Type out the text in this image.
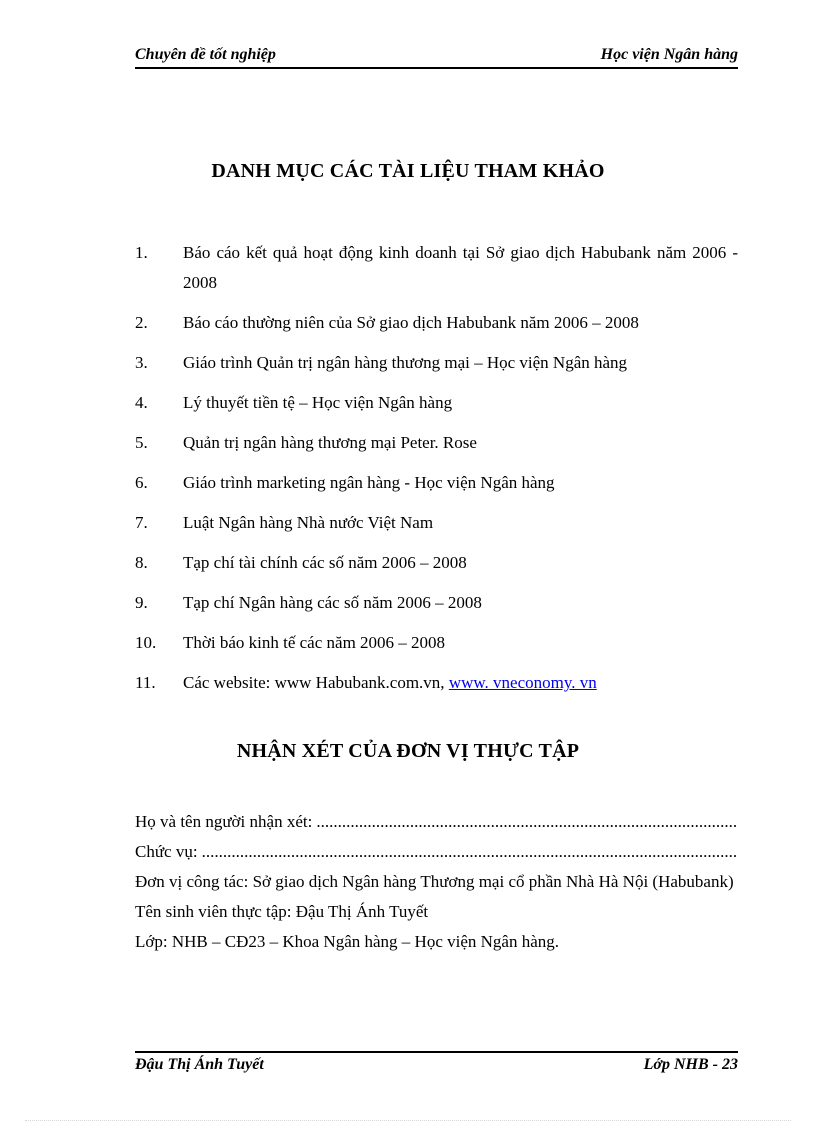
Chuyên đề tốt nghiệp	Học viện Ngân hàng
DANH MỤC CÁC TÀI LIỆU THAM KHẢO
1.	Báo cáo kết quả hoạt động kinh doanh tại Sở giao dịch Habubank năm 2006 - 2008
2.	Báo cáo thường niên của Sở giao dịch Habubank năm 2006 – 2008
3.	Giáo trình Quản trị ngân hàng thương mại – Học viện Ngân hàng
4.	Lý thuyết tiền tệ – Học viện Ngân hàng
5.	Quản trị ngân hàng thương mại Peter. Rose
6.	Giáo trình marketing ngân hàng - Học viện Ngân hàng
7.	Luật Ngân hàng Nhà nước Việt Nam
8.	Tạp chí tài chính các số năm 2006 – 2008
9.	Tạp chí Ngân hàng các số năm 2006 – 2008
10.	Thời báo kinh tế các năm 2006 – 2008
11.	Các website: www Habubank.com.vn, www. vneconomy. vn
NHẬN XÉT CỦA ĐƠN VỊ THỰC TẬP
Họ và tên người nhận xét:
.....
Chức vụ:
.....
Đơn vị công tác: Sở giao dịch Ngân hàng Thương mại cổ phần Nhà Hà Nội (Habubank)
Tên sinh viên thực tập: Đậu Thị Ánh Tuyết
Lớp: NHB – CĐ23 – Khoa Ngân hàng – Học viện Ngân hàng.
Đậu Thị Ánh Tuyết	Lớp NHB - 23
